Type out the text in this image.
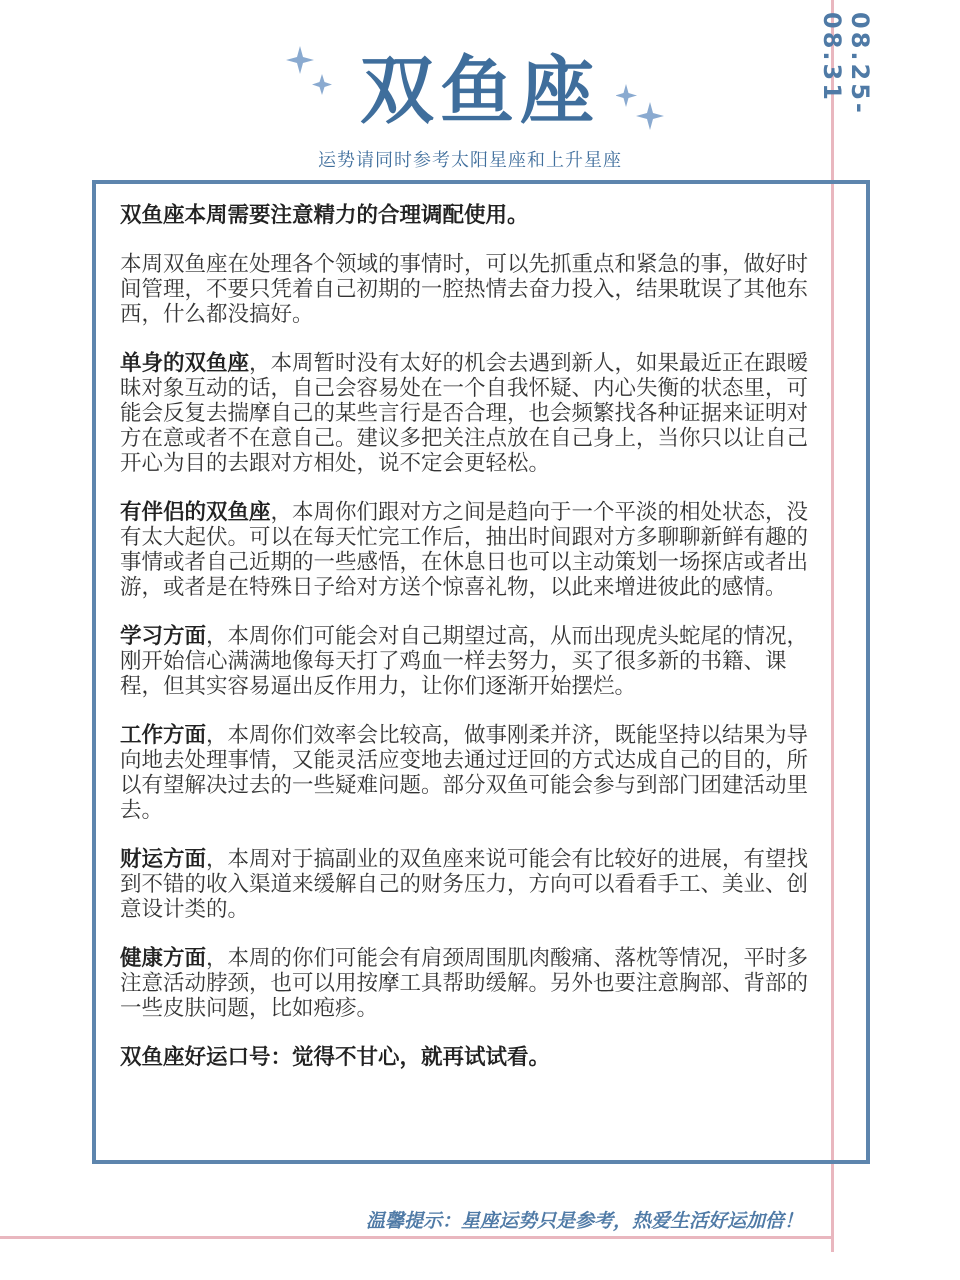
08.25-08.31
双鱼座
运势请同时参考太阳星座和上升星座

双鱼座本周需要注意精力的合理调配使用。

本周双鱼座在处理各个领域的事情时，可以先抓重点和紧急的事，做好时间管理，不要只凭着自己初期的一腔热情去奋力投入，结果耽误了其他东西，什么都没搞好。

单身的双鱼座，本周暂时没有太好的机会去遇到新人，如果最近正在跟暧昧对象互动的话，自己会容易处在一个自我怀疑、内心失衡的状态里，可能会反复去揣摩自己的某些言行是否合理，也会频繁找各种证据来证明对方在意或者不在意自己。建议多把关注点放在自己身上，当你只以让自己开心为目的去跟对方相处，说不定会更轻松。

有伴侣的双鱼座，本周你们跟对方之间是趋向于一个平淡的相处状态，没有太大起伏。可以在每天忙完工作后，抽出时间跟对方多聊聊新鲜有趣的事情或者自己近期的一些感悟，在休息日也可以主动策划一场探店或者出游，或者是在特殊日子给对方送个惊喜礼物，以此来增进彼此的感情。

学习方面，本周你们可能会对自己期望过高，从而出现虎头蛇尾的情况，刚开始信心满满地像每天打了鸡血一样去努力，买了很多新的书籍、课程，但其实容易逼出反作用力，让你们逐渐开始摆烂。

工作方面，本周你们效率会比较高，做事刚柔并济，既能坚持以结果为导向地去处理事情，又能灵活应变地去通过迂回的方式达成自己的目的，所以有望解决过去的一些疑难问题。部分双鱼可能会参与到部门团建活动里去。

财运方面，本周对于搞副业的双鱼座来说可能会有比较好的进展，有望找到不错的收入渠道来缓解自己的财务压力，方向可以看看手工、美业、创意设计类的。

健康方面，本周的你们可能会有肩颈周围肌肉酸痛、落枕等情况，平时多注意活动脖颈，也可以用按摩工具帮助缓解。另外也要注意胸部、背部的一些皮肤问题，比如疱疹。

双鱼座好运口号：觉得不甘心，就再试试看。

温馨提示：星座运势只是参考，热爱生活好运加倍！
